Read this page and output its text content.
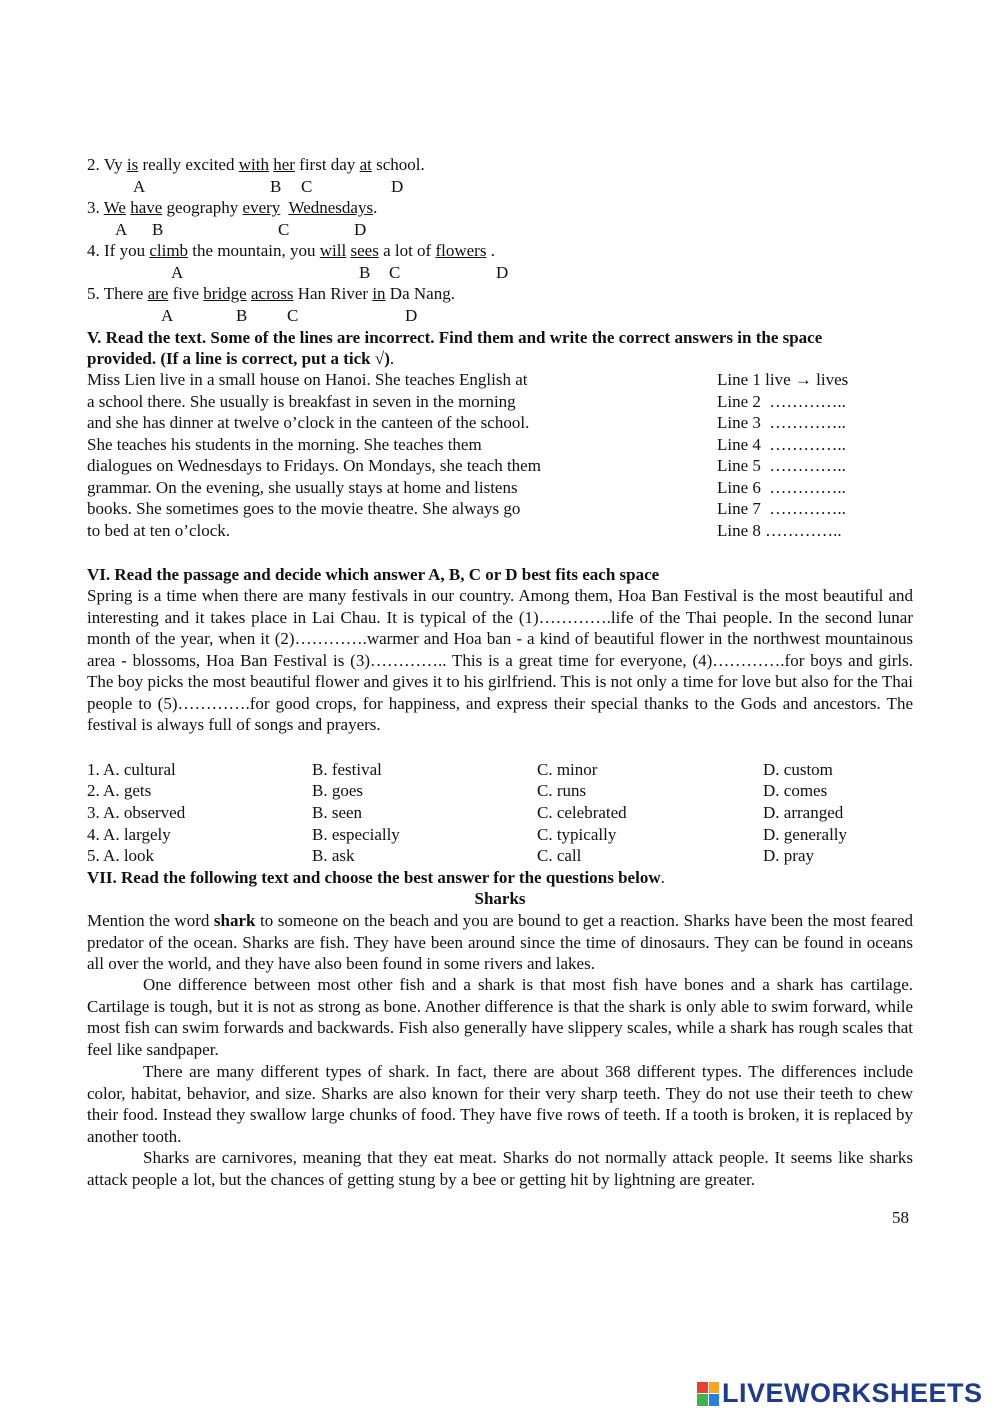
2. Vy is really excited with her first day at school.
A	B C	D
3. We have geography every Wednesdays.
A B	C	D
4. If you climb the mountain, you will sees a lot of flowers .
A	B C	D
5. There are five bridge across Han River in Da Nang.
A	B C	D
V. Read the text. Some of the lines are incorrect. Find them and write the correct answers in the space
provided. (If a line is correct, put a tick √).
Miss Lien live in a small house on Hanoi. She teaches English at
a school there. She usually is breakfast in seven in the morning
and she has dinner at twelve o’clock in the canteen of the school.
She teaches his students in the morning. She teaches them
dialogues on Wednesdays to Fridays. On Mondays, she teach them
grammar. On the evening, she usually stays at home and listens
books. She sometimes goes to the movie theatre. She always go
to bed at ten o’clock.
Line 1 live → lives
Line 2  …………..
Line 3  …………..
Line 4  …………..
Line 5  …………..
Line 6  …………..
Line 7  …………..
Line 8 …………..
VI. Read the passage and decide which answer A, B, C or D best fits each space
Spring is a time when there are many festivals in our country. Among them, Hoa Ban Festival is the most beautiful and interesting and it takes place in Lai Chau. It is typical of the (1)………….life of the Thai people. In the second lunar month of the year, when it (2)………….warmer and Hoa ban - a kind of beautiful flower in the northwest mountainous area - blossoms, Hoa Ban Festival is (3)………….. This is a great time for everyone, (4)………….for boys and girls. The boy picks the most beautiful flower and gives it to his girlfriend. This is not only a time for love but also for the Thai people to (5)………….for good crops, for happiness, and express their special thanks to the Gods and ancestors. The festival is always full of songs and prayers.
1. A. cultural	B. festival	C. minor	D. custom
2. A. gets	B. goes	C. runs	D. comes
3. A. observed	B. seen	C. celebrated	D. arranged
4. A. largely	B. especially	C. typically	D. generally
5. A. look	B. ask	C. call	D. pray
VII. Read the following text and choose the best answer for the questions below.
Sharks
Mention the word shark to someone on the beach and you are bound to get a reaction. Sharks have been the most feared predator of the ocean. Sharks are fish. They have been around since the time of dinosaurs. They can be found in oceans all over the world, and they have also been found in some rivers and lakes.
One difference between most other fish and a shark is that most fish have bones and a shark has cartilage. Cartilage is tough, but it is not as strong as bone. Another difference is that the shark is only able to swim forward, while most fish can swim forwards and backwards. Fish also generally have slippery scales, while a shark has rough scales that feel like sandpaper.
There are many different types of shark. In fact, there are about 368 different types. The differences include color, habitat, behavior, and size. Sharks are also known for their very sharp teeth. They do not use their teeth to chew their food. Instead they swallow large chunks of food. They have five rows of teeth. If a tooth is broken, it is replaced by another tooth.
Sharks are carnivores, meaning that they eat meat. Sharks do not normally attack people. It seems like sharks attack people a lot, but the chances of getting stung by a bee or getting hit by lightning are greater.
58
LIVEWORKSHEETS
